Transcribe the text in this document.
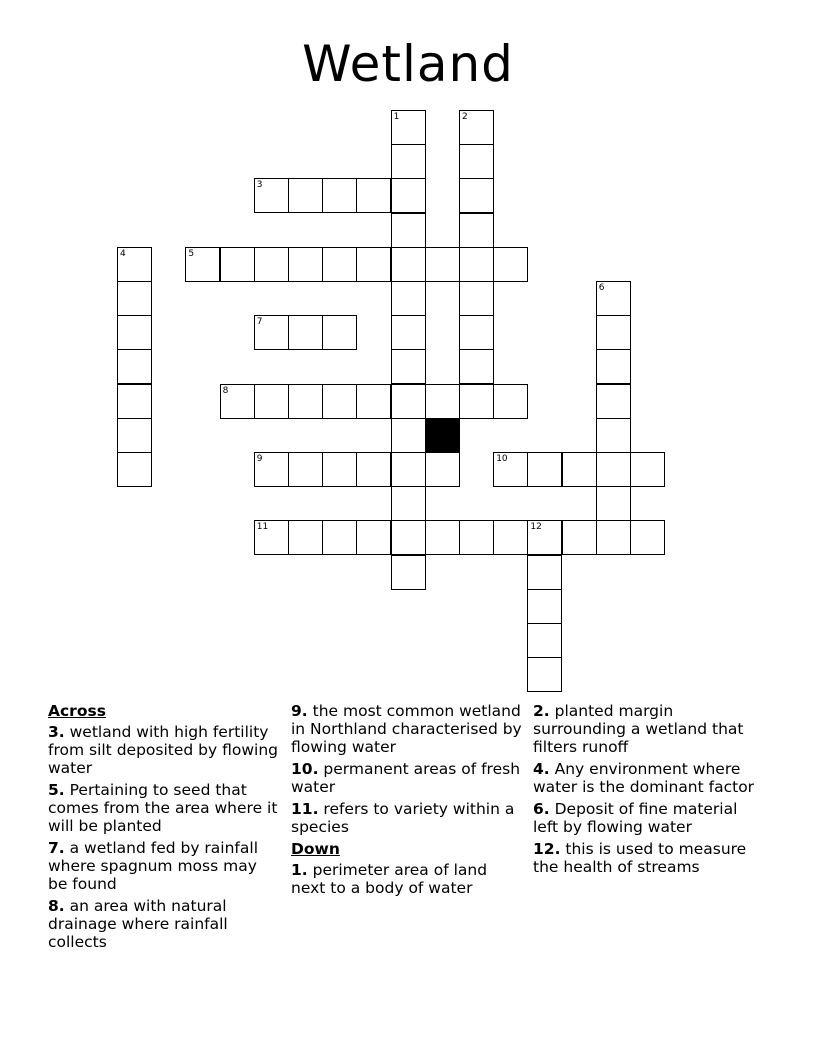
Wetland
1	2
3
4	5
6
7
8
9	10
11	12
Across
3. wetland with high fertility from silt deposited by flowing water
5. Pertaining to seed that comes from the area where it will be planted
7. a wetland fed by rainfall where spagnum moss may be found
8. an area with natural drainage where rainfall collects
9. the most common wetland in Northland characterised by flowing water
10. permanent areas of fresh water
11. refers to variety within a species
Down
1. perimeter area of land next to a body of water
2. planted margin surrounding a wetland that filters runoff
4. Any environment where water is the dominant factor
6. Deposit of fine material left by flowing water
12. this is used to measure the health of streams
